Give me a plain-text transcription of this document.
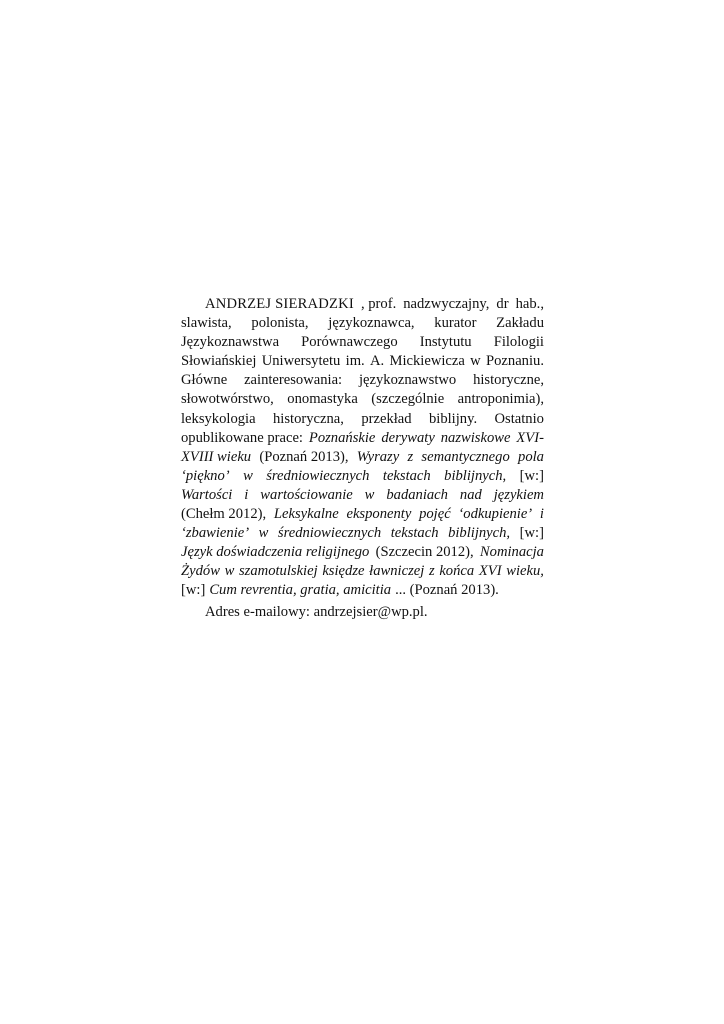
ANDRZEJ SIERADZKI , prof. nadzwyczajny, dr hab.,
slawista, polonista, językoznawca, kurator Zakładu
Językoznawstwa Porównawczego Instytutu Filologii
Słowiańskiej Uniwersytetu im. A. Mickiewicza w Poznaniu.
Główne zainteresowania: językoznawstwo historyczne,
słowotwórstwo, onomastyka (szczególnie antroponimia),
leksykologia historyczna, przekład biblijny. Ostatnio
opublikowane prace: Poznańskie derywaty nazwiskowe XVI-
XVIII wieku (Poznań 2013), Wyrazy z semantycznego pola
‘piękno’ w średniowiecznych tekstach biblijnych, [w:]
Wartości i wartościowanie w badaniach nad językiem
(Chełm 2012), Leksykalne eksponenty pojęć ‘odkupienie’ i
‘zbawienie’ w średniowiecznych tekstach biblijnych, [w:]
Język doświadczenia religijnego (Szczecin 2012), Nominacja
Żydów w szamotulskiej księdze ławniczej z końca XVI wieku,
[w:] Cum revrentia, gratia, amicitia ... (Poznań 2013).
Adres e-mailowy: andrzejsier@wp.pl.
